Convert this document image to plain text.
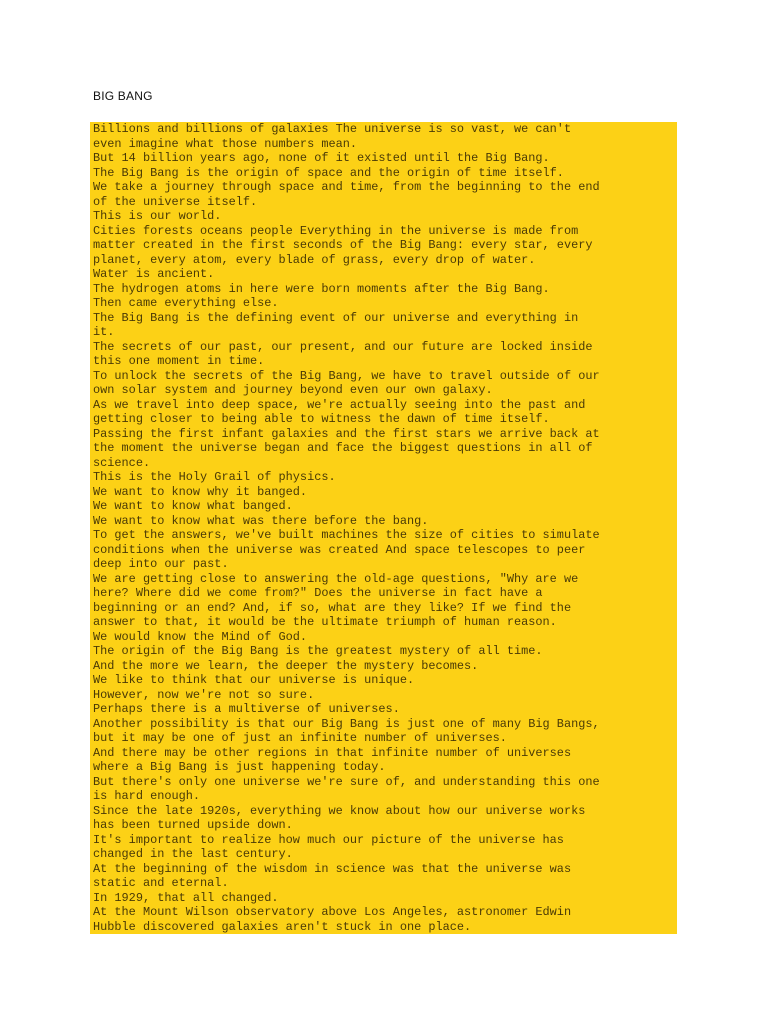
BIG BANG
Billions and billions of galaxies The universe is so vast, we can't
even imagine what those numbers mean.
But 14 billion years ago, none of it existed until the Big Bang.
The Big Bang is the origin of space and the origin of time itself.
We take a journey through space and time, from the beginning to the end
of the universe itself.
This is our world.
Cities forests oceans people Everything in the universe is made from
matter created in the first seconds of the Big Bang: every star, every
planet, every atom, every blade of grass, every drop of water.
Water is ancient.
The hydrogen atoms in here were born moments after the Big Bang.
Then came everything else.
The Big Bang is the defining event of our universe and everything in
it.
The secrets of our past, our present, and our future are locked inside
this one moment in time.
To unlock the secrets of the Big Bang, we have to travel outside of our
own solar system and journey beyond even our own galaxy.
As we travel into deep space, we're actually seeing into the past and
getting closer to being able to witness the dawn of time itself.
Passing the first infant galaxies and the first stars we arrive back at
the moment the universe began and face the biggest questions in all of
science.
This is the Holy Grail of physics.
We want to know why it banged.
We want to know what banged.
We want to know what was there before the bang.
To get the answers, we've built machines the size of cities to simulate
conditions when the universe was created And space telescopes to peer
deep into our past.
We are getting close to answering the old-age questions, "Why are we
here? Where did we come from?" Does the universe in fact have a
beginning or an end? And, if so, what are they like? If we find the
answer to that, it would be the ultimate triumph of human reason.
We would know the Mind of God.
The origin of the Big Bang is the greatest mystery of all time.
And the more we learn, the deeper the mystery becomes.
We like to think that our universe is unique.
However, now we're not so sure.
Perhaps there is a multiverse of universes.
Another possibility is that our Big Bang is just one of many Big Bangs,
but it may be one of just an infinite number of universes.
And there may be other regions in that infinite number of universes
where a Big Bang is just happening today.
But there's only one universe we're sure of, and understanding this one
is hard enough.
Since the late 1920s, everything we know about how our universe works
has been turned upside down.
It's important to realize how much our picture of the universe has
changed in the last century.
At the beginning of the wisdom in science was that the universe was
static and eternal.
In 1929, that all changed.
At the Mount Wilson observatory above Los Angeles, astronomer Edwin
Hubble discovered galaxies aren't stuck in one place.
